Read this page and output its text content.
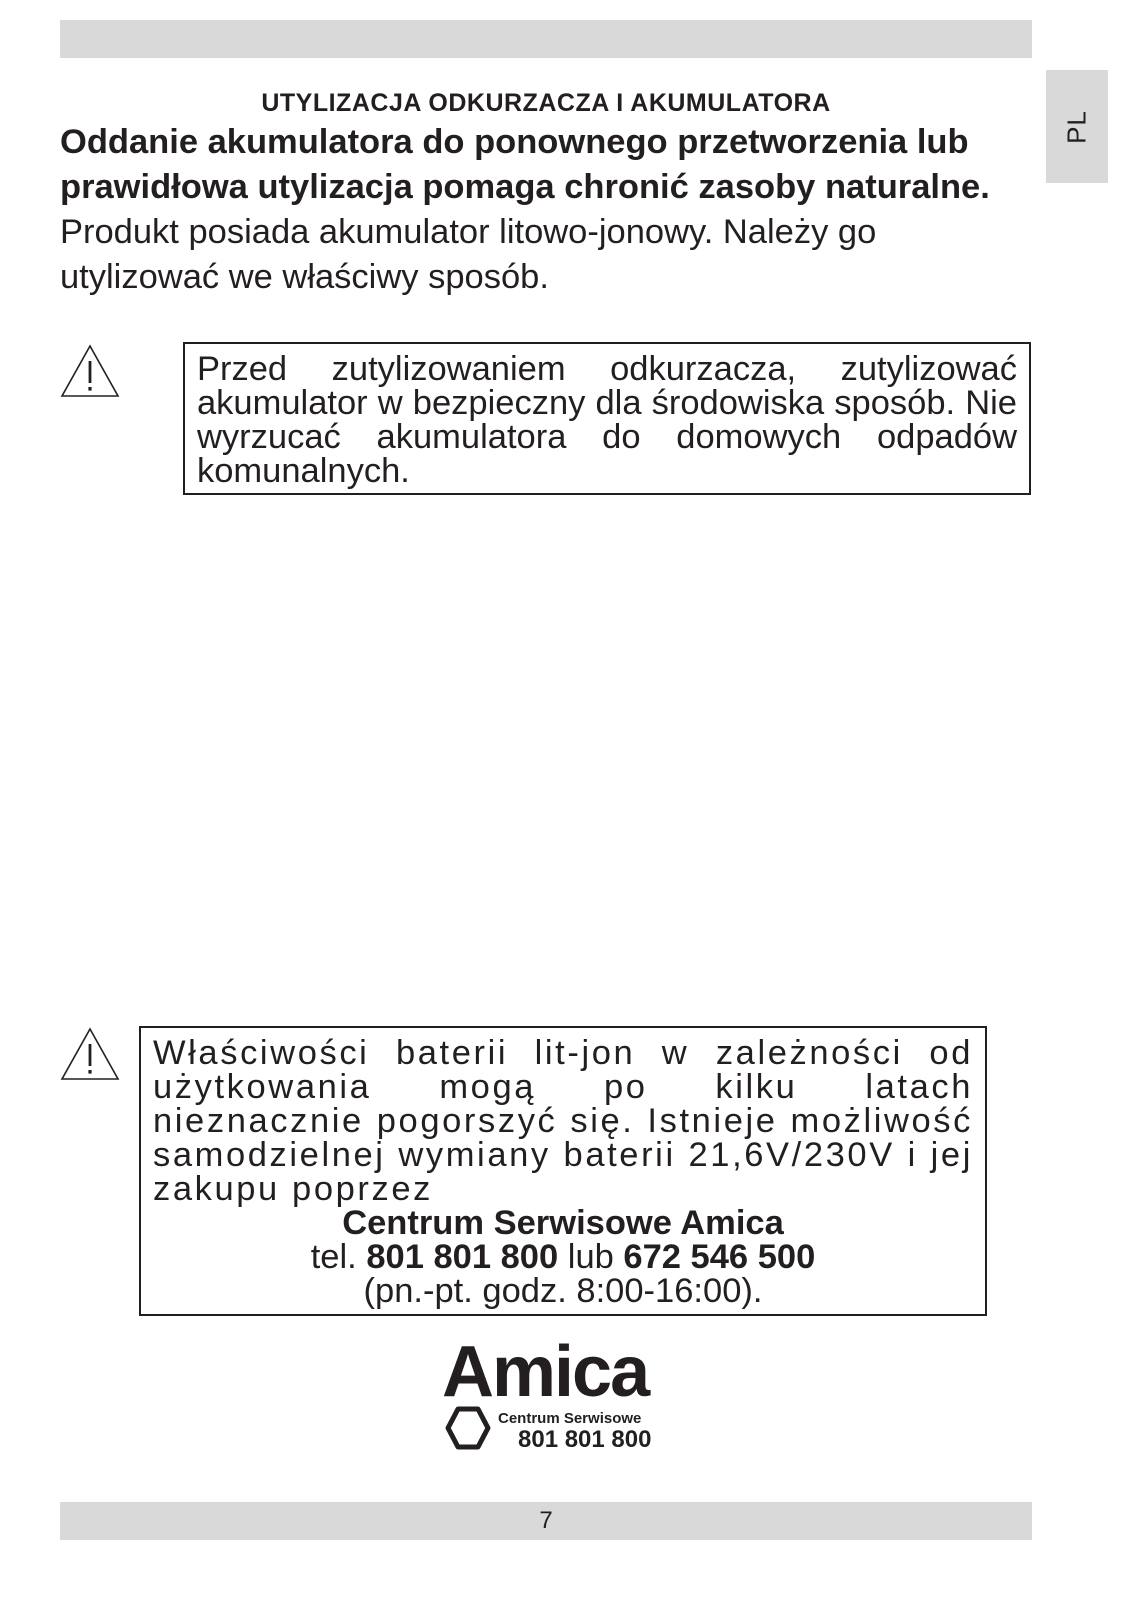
PL
UTYLIZACJA ODKURZACZA I AKUMULATORA

Oddanie akumulatora do ponownego przetworzenia lub prawidłowa utylizacja pomaga chronić zasoby naturalne. Produkt posiada akumulator litowo-jonowy. Należy go utylizować we właściwy sposób.

Przed zutylizowaniem odkurzacza, zutylizować akumulator w bezpieczny dla środowiska sposób. Nie wyrzucać akumulatora do domowych odpadów komunalnych.

Właściwości baterii lit-jon w zależności od użytkowania mogą po kilku latach nieznacznie pogorszyć się. Istnieje możliwość samodzielnej wymiany baterii 21,6V/230V i jej zakupu poprzez

Centrum Serwisowe Amica

tel. 801 801 800 lub 672 546 500

(pn.-pt. godz. 8:00-16:00).

Amica
Centrum Serwisowe
801 801 800
7
